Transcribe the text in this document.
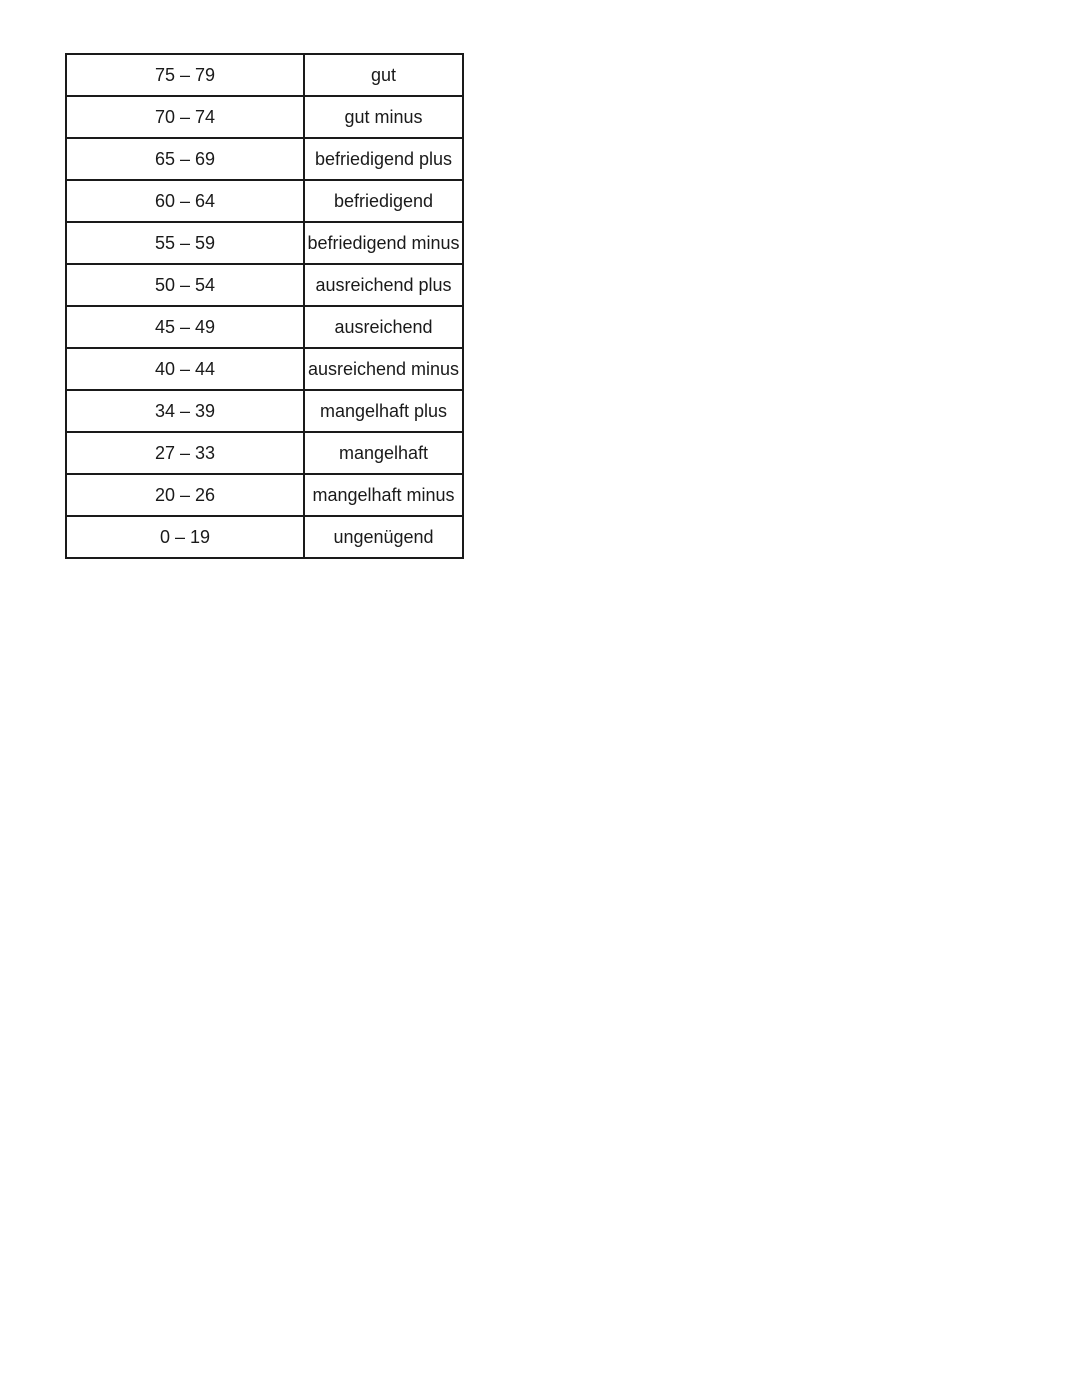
75 – 79	gut
70 – 74	gut minus
65 – 69	befriedigend plus
60 – 64	befriedigend
55 – 59	befriedigend minus
50 – 54	ausreichend plus
45 – 49	ausreichend
40 – 44	ausreichend minus
34 – 39	mangelhaft plus
27 – 33	mangelhaft
20 – 26	mangelhaft minus
0 – 19	ungenügend
